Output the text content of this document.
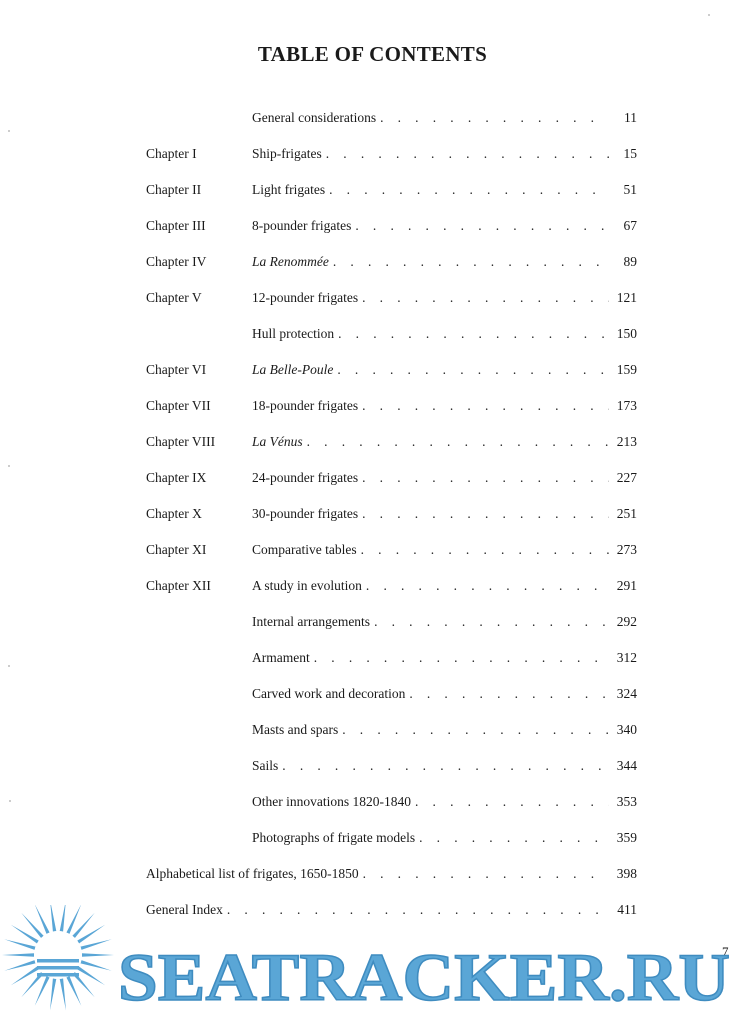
TABLE OF CONTENTS
General considerations . . .	11
Chapter I	Ship-frigates . . .	15
Chapter II	Light frigates . . .	51
Chapter III	8-pounder frigates . . .	67
Chapter IV	La Renommée . . .	89
Chapter V	12-pounder frigates . . .	121
Hull protection . . .	150
Chapter VI	La Belle-Poule . . .	159
Chapter VII	18-pounder frigates . . .	173
Chapter VIII	La Vénus . . .	213
Chapter IX	24-pounder frigates . . .	227
Chapter X	30-pounder frigates . . .	251
Chapter XI	Comparative tables . . .	273
Chapter XII	A study in evolution . . .	291
Internal arrangements . . .	292
Armament . . .	312
Carved work and decoration . . .	324
Masts and spars . . .	340
Sails . . .	344
Other innovations 1820-1840 . . .	353
Photographs of frigate models . . .	359
Alphabetical list of frigates, 1650-1850 . . .	398
General Index . . .	411
7
SEATRACKER.RU
